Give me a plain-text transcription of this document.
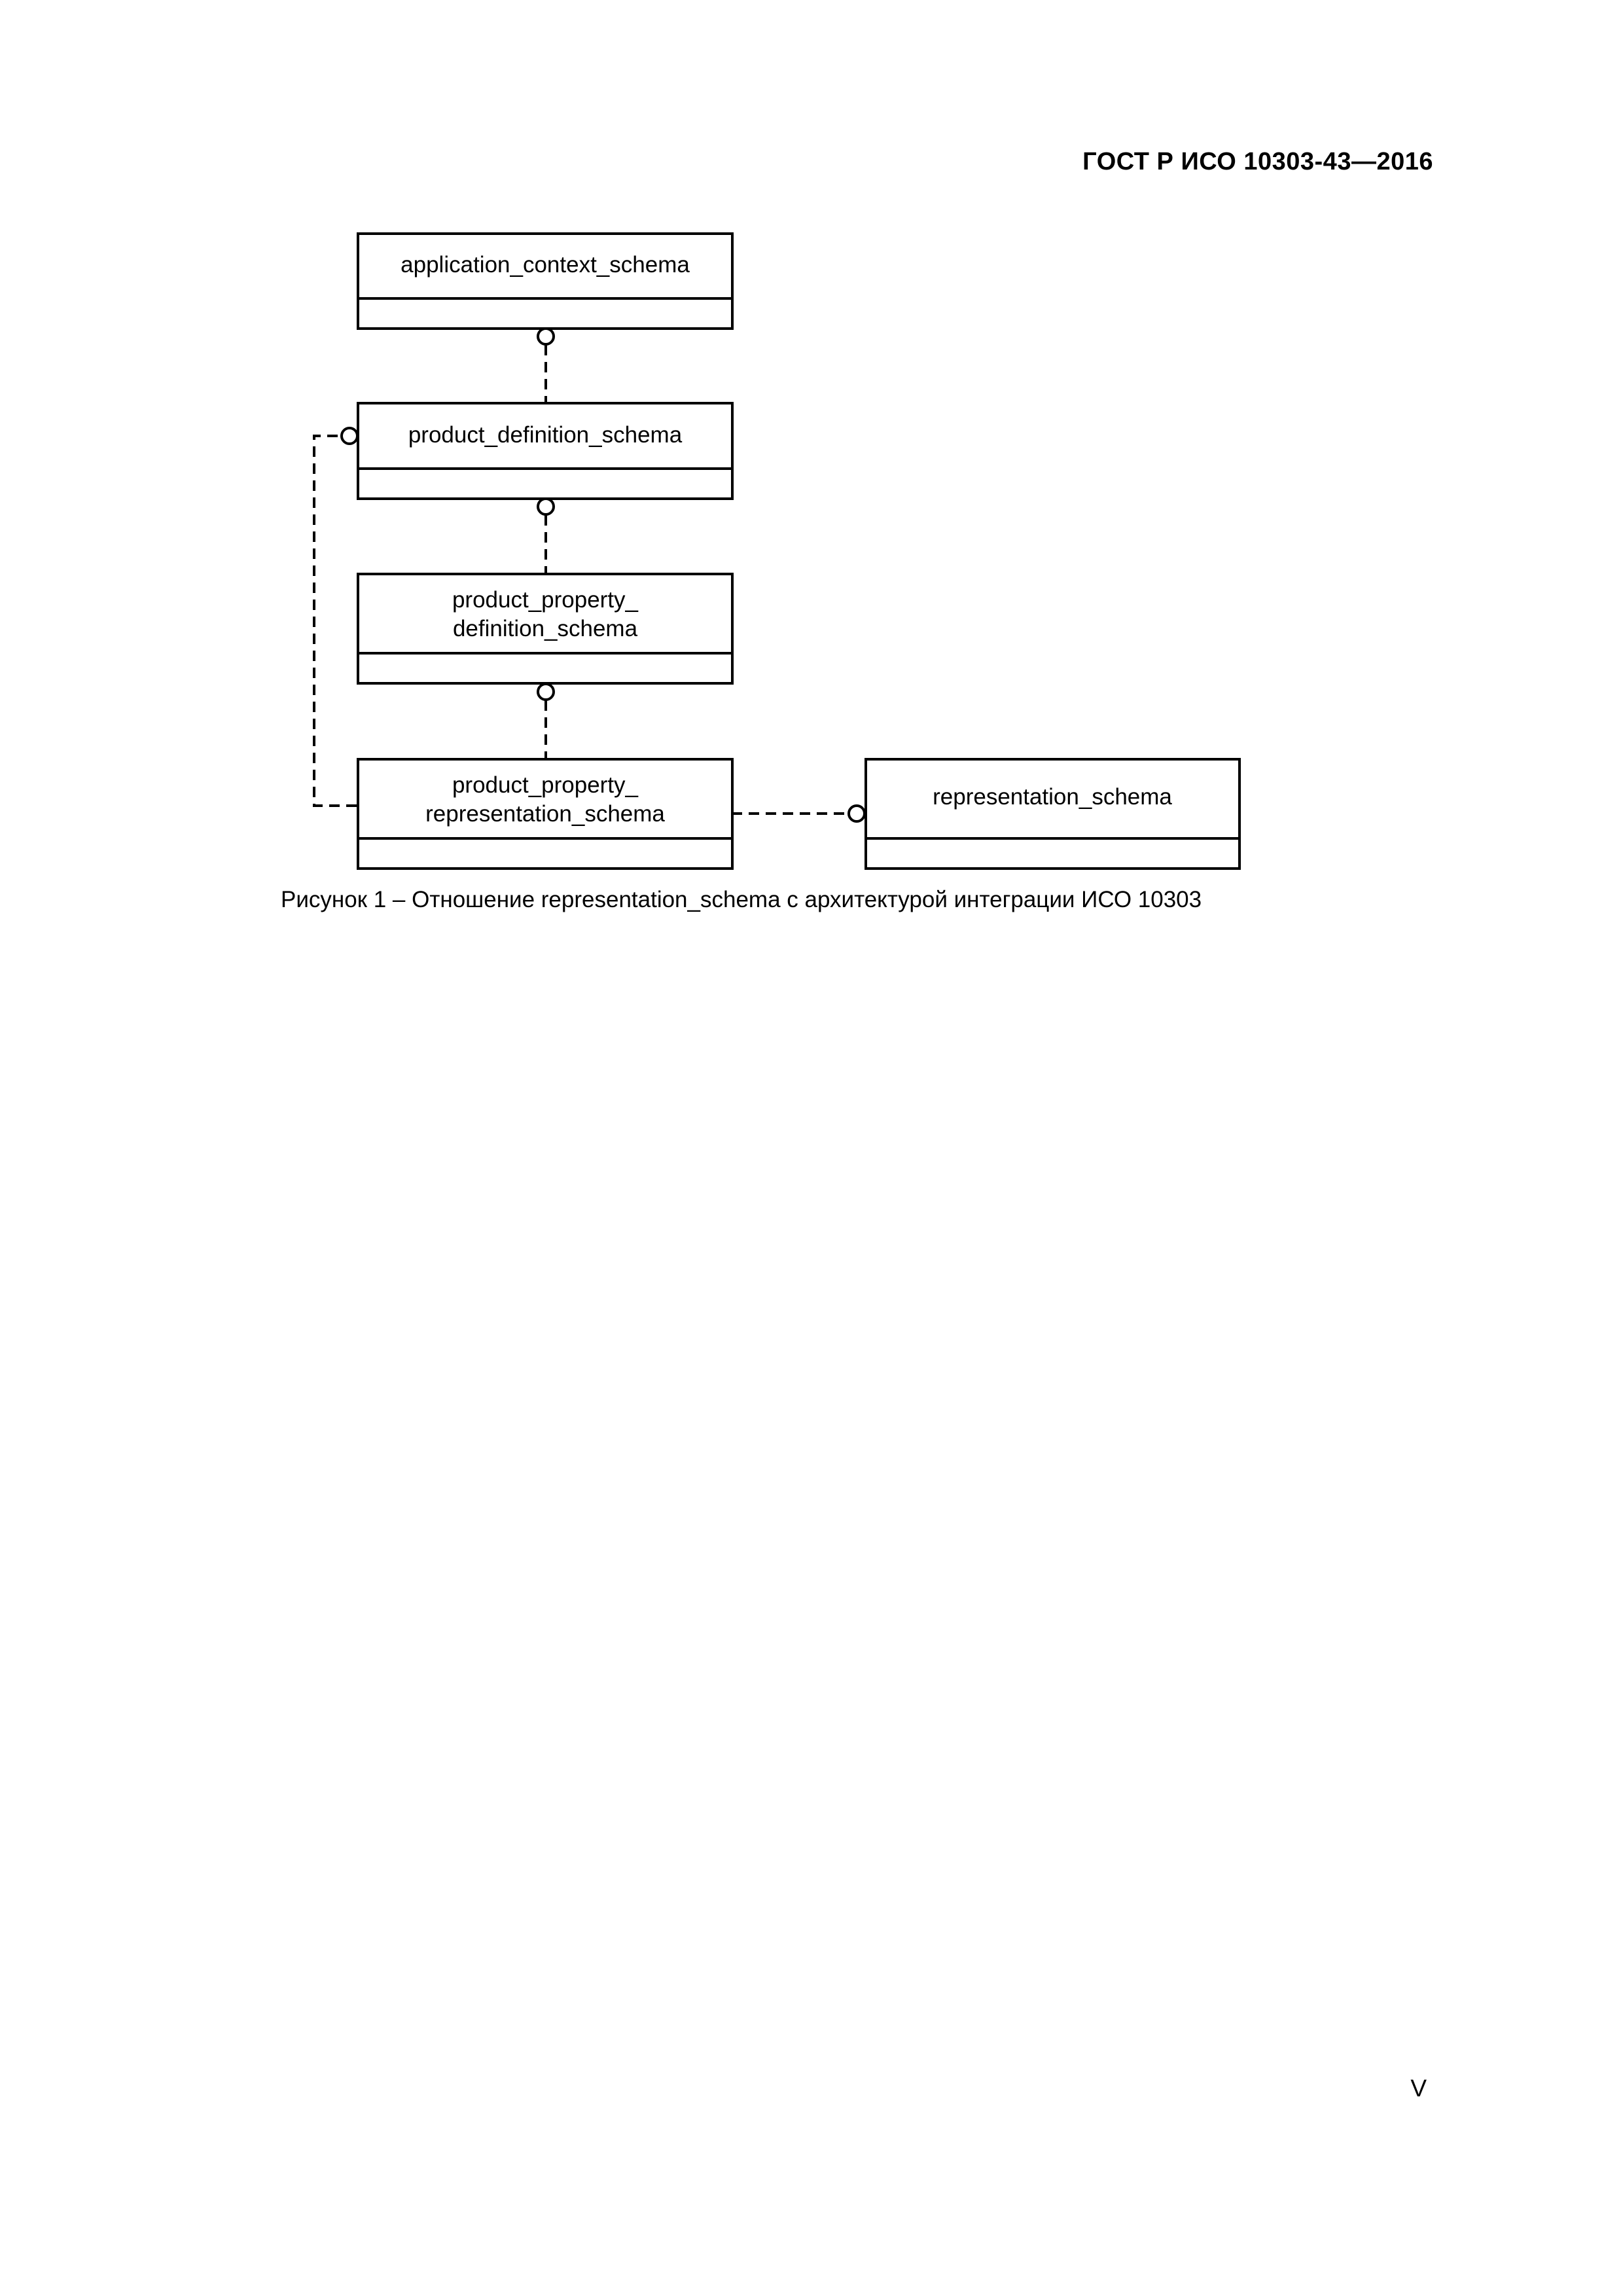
ГОСТ Р ИСО 10303-43—2016
application_context_schema
product_definition_schema
product_property_
definition_schema
product_property_
representation_schema
representation_schema
Рисунок 1 – Отношение representation_schema с архитектурой интеграции ИСО 10303
V
